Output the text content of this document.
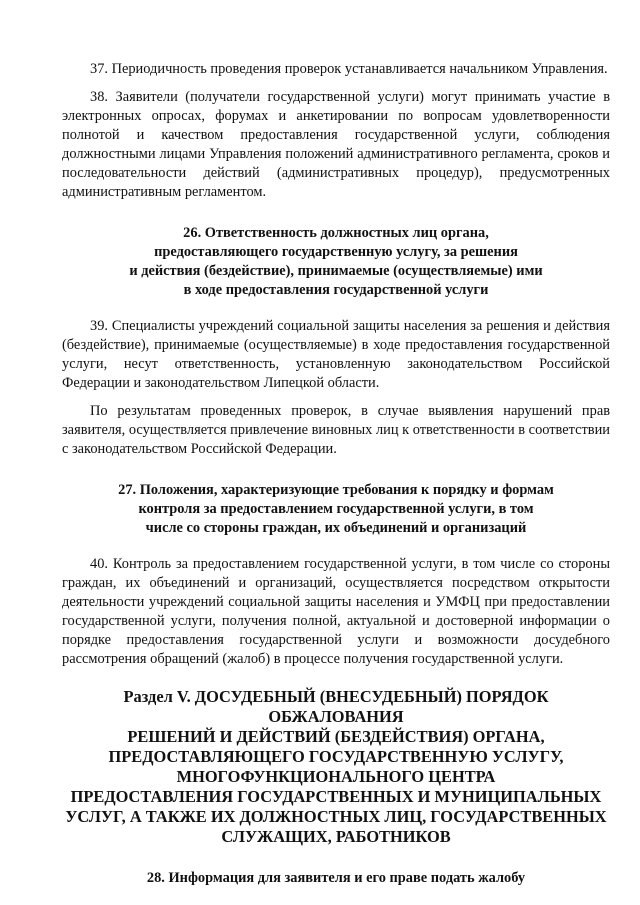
37. Периодичность проведения проверок устанавливается начальником Управления.

38. Заявители (получатели государственной услуги) могут принимать участие в электронных опросах, форумах и анкетировании по вопросам удовлетворенности полнотой и качеством предоставления государственной услуги, соблюдения должностными лицами Управления положений административного регламента, сроков и последовательности действий (административных процедур), предусмотренных административным регламентом.

26. Ответственность должностных лиц органа,
предоставляющего государственную услугу, за решения
и действия (бездействие), принимаемые (осуществляемые) ими
в ходе предоставления государственной услуги

39. Специалисты учреждений социальной защиты населения за решения и действия (бездействие), принимаемые (осуществляемые) в ходе предоставления государственной услуги, несут ответственность, установленную законодательством Российской Федерации и законодательством Липецкой области.

По результатам проведенных проверок, в случае выявления нарушений прав заявителя, осуществляется привлечение виновных лиц к ответственности в соответствии с законодательством Российской Федерации.

27. Положения, характеризующие требования к порядку и формам
контроля за предоставлением государственной услуги, в том
числе со стороны граждан, их объединений и организаций

40. Контроль за предоставлением государственной услуги, в том числе со стороны граждан, их объединений и организаций, осуществляется посредством открытости деятельности учреждений социальной защиты населения и УМФЦ при предоставлении государственной услуги, получения полной, актуальной и достоверной информации о порядке предоставления государственной услуги и возможности досудебного рассмотрения обращений (жалоб) в процессе получения государственной услуги.

Раздел V. ДОСУДЕБНЫЙ (ВНЕСУДЕБНЫЙ) ПОРЯДОК ОБЖАЛОВАНИЯ
РЕШЕНИЙ И ДЕЙСТВИЙ (БЕЗДЕЙСТВИЯ) ОРГАНА,
ПРЕДОСТАВЛЯЮЩЕГО ГОСУДАРСТВЕННУЮ УСЛУГУ,
МНОГОФУНКЦИОНАЛЬНОГО ЦЕНТРА
ПРЕДОСТАВЛЕНИЯ ГОСУДАРСТВЕННЫХ И МУНИЦИПАЛЬНЫХ
УСЛУГ, А ТАКЖЕ ИХ ДОЛЖНОСТНЫХ ЛИЦ, ГОСУДАРСТВЕННЫХ
СЛУЖАЩИХ, РАБОТНИКОВ
28. Информация для заявителя и его праве подать жалобу
